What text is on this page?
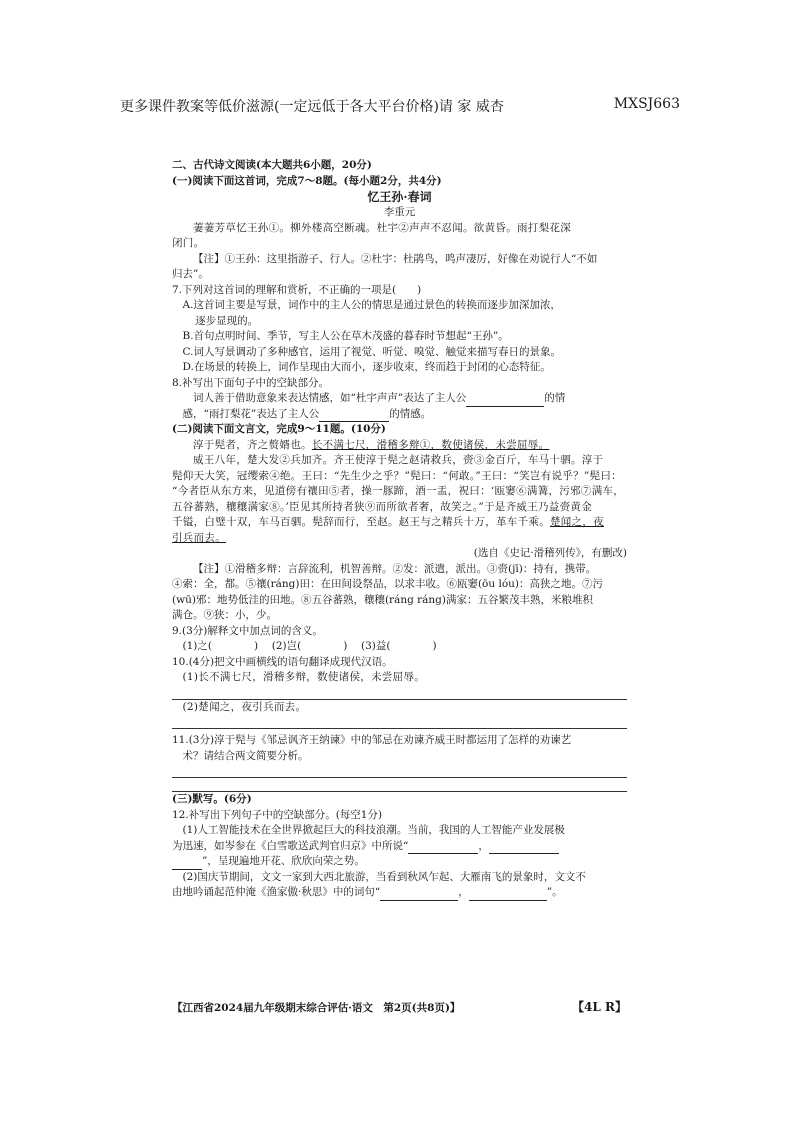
更多课件教案等低价滋源(一定远低于各大平台价格)请 家 威杏	MXSJ663

二、古代诗文阅读(本大题共6小题，20分)

(一)阅读下面这首词，完成7～8题。(每小题2分，共4分)

忆王孙·春词

李重元

萋萋芳草忆王孙①。柳外楼高空断魂。杜宇②声声不忍闻。欲黄昏。雨打梨花深

闭门。

【注】①王孙：这里指游子、行人。②杜宇：杜鹃鸟，鸣声凄厉，好像在劝说行人“不如

归去”。

7.下列对这首词的理解和赏析，不正确的一项是(　　)

A.这首词主要是写景，词作中的主人公的情思是通过景色的转换而逐步加深加浓，

逐步显现的。

B.首句点明时间、季节，写主人公在草木茂盛的暮春时节想起“王孙”。

C.词人写景调动了多种感官，运用了视觉、听觉、嗅觉、触觉来描写春日的景象。

D.在场景的转换上，词作呈现由大而小，逐步收束，终而趋于封闭的心态特征。

8.补写出下面句子中的空缺部分。

词人善于借助意象来表达情感，如“杜宇声声”表达了主人公	的情

感，“雨打梨花”表达了主人公	的情感。

(二)阅读下面文言文，完成9～11题。(10分)

淳于髡者，齐之赘婿也。长不满七尺，滑稽多辩①，数使诸侯，未尝屈辱。

威王八年，楚大发②兵加齐。齐王使淳于髡之赵请救兵，赍③金百斤，车马十驷。淳于

髡仰天大笑，冠缨索④绝。王曰：“先生少之乎？”髡曰：“何敢。”王曰：“笑岂有说乎？”髡曰：

“今者臣从东方来，见道傍有禳田⑤者，操一豚蹄，酒一盂，祝曰：‘瓯窭⑥满篝，污邪⑦满车，

五谷蕃熟，穰穰满家⑧。’臣见其所持者狭⑨而所欲者奢，故笑之。”于是齐威王乃益赍黄金

千镒，白璧十双，车马百驷。髡辞而行，至赵。赵王与之精兵十万，革车千乘。楚闻之，夜

引兵而去。

(选自《史记·滑稽列传》，有删改)

【注】①滑稽多辩：言辞流利，机智善辩。②发：派遣，派出。③赍(jī)：持有，携带。

④索：全，都。⑤禳(ráng)田：在田间设祭品，以求丰收。⑥瓯窭(ōu lóu)：高狭之地。⑦污

(wū)邪：地势低洼的田地。⑧五谷蕃熟，穰穰(ráng ráng)满家：五谷繁茂丰熟，米粮堆积

满仓。⑨狭：小，少。

9.(3分)解释文中加点词的含义。

(1)之(　　　　) (2)岂(　　　　) (3)益(　　　　)

10.(4分)把文中画横线的语句翻译成现代汉语。

(1)长不满七尺，滑稽多辩，数使诸侯，未尝屈辱。

(2)楚闻之，夜引兵而去。

11.(3分)淳于髡与《邹忌讽齐王纳谏》中的邹忌在劝谏齐威王时都运用了怎样的劝谏艺

术？请结合两文简要分析。

(三)默写。(6分)

12.补写出下列句子中的空缺部分。(每空1分)

(1)人工智能技术在全世界掀起巨大的科技浪潮。当前，我国的人工智能产业发展极

为迅速，如岑参在《白雪歌送武判官归京》中所说“	，

”，呈现遍地开花、欣欣向荣之势。

(2)国庆节期间，文文一家到大西北旅游，当看到秋风乍起、大雁南飞的景象时，文文不

由地吟诵起范仲淹《渔家傲·秋思》中的词句“	，	”。

【江西省2024届九年级期末综合评估·语文　第2页(共8页)】	【4L R】
